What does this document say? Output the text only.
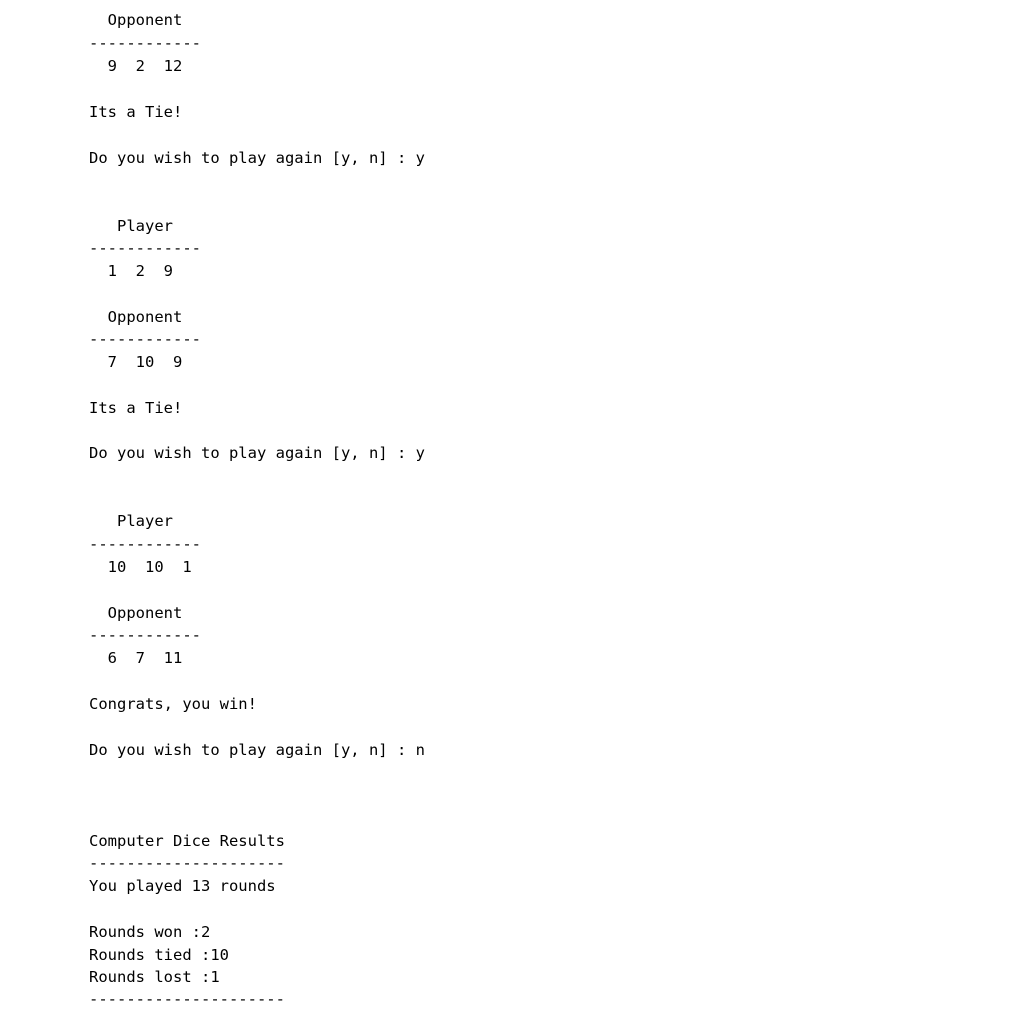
Opponent
------------
9  2  12
Its a Tie!
Do you wish to play again [y, n] : y
Player
------------
1  2  9
Opponent
------------
7  10  9
Its a Tie!
Do you wish to play again [y, n] : y
Player
------------
10  10  1
Opponent
------------
6  7  11
Congrats, you win!
Do you wish to play again [y, n] : n
Computer Dice Results
---------------------
You played 13 rounds
Rounds won :2
Rounds tied :10
Rounds lost :1
---------------------
